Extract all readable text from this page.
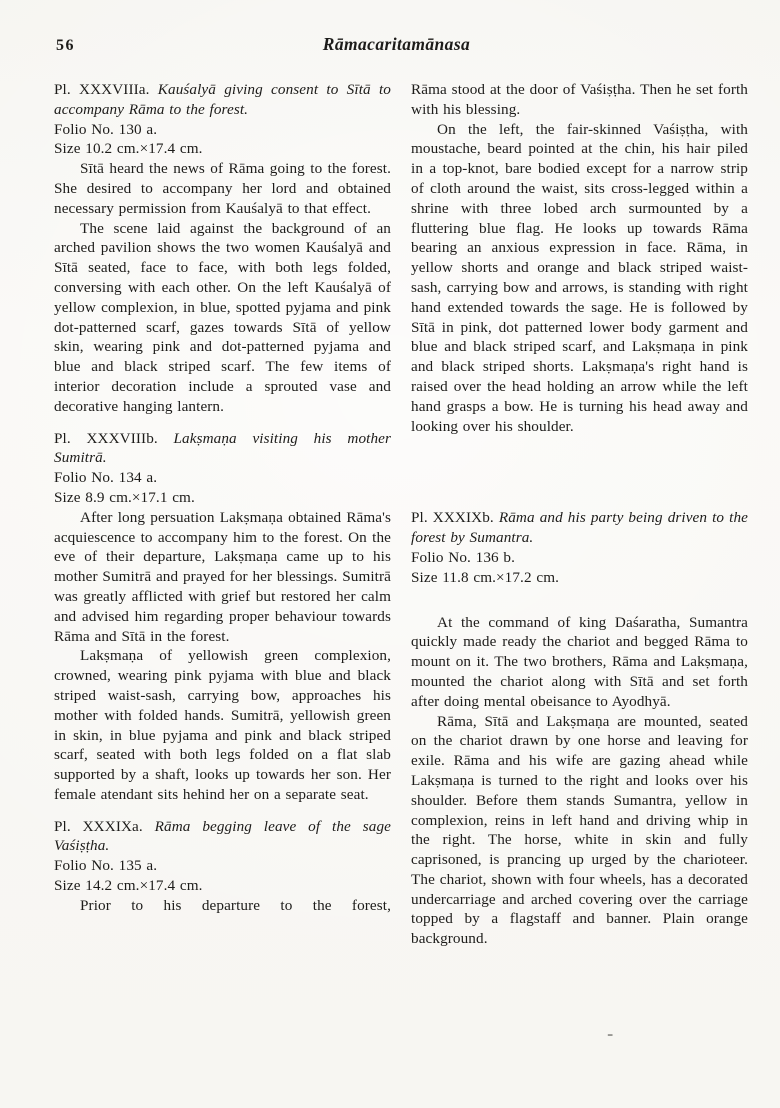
56	Rāmacaritamānasa

Pl. XXXVIIIa. Kauśalyā giving consent to Sītā to accompany Rāma to the forest.

Folio No. 130 a.

Size 10.2 cm.×17.4 cm.

Sītā heard the news of Rāma going to the forest. She desired to accompany her lord and obtained necessary permission from Kauśalyā to that effect.

The scene laid against the background of an arched pavilion shows the two women Kauśalyā and Sītā seated, face to face, with both legs folded, conversing with each other. On the left Kauśalyā of yellow complexion, in blue, spotted pyjama and pink dot-patterned scarf, gazes towards Sītā of yellow skin, wearing pink and dot-patterned pyjama and blue and black striped scarf. The few items of interior decoration include a sprouted vase and decorative hanging lantern.

Pl. XXXVIIIb. Lakṣmaṇa visiting his mother Sumitrā.

Folio No. 134 a.

Size 8.9 cm.×17.1 cm.

After long persuation Lakṣmaṇa obtained Rāma's acquiescence to accompany him to the forest. On the eve of their departure, Lakṣmaṇa came up to his mother Sumitrā and prayed for her blessings. Sumitrā was greatly afflicted with grief but restored her calm and advised him regarding proper behaviour towards Rāma and Sītā in the forest.

Lakṣmaṇa of yellowish green complexion, crowned, wearing pink pyjama with blue and black striped waist-sash, carrying bow, approaches his mother with folded hands. Sumitrā, yellowish green in skin, in blue pyjama and pink and black striped scarf, seated with both legs folded on a flat slab supported by a shaft, looks up towards her son. Her female atendant sits hehind her on a separate seat.

Pl. XXXIXa. Rāma begging leave of the sage Vaśiṣṭha.

Folio No. 135 a.

Size 14.2 cm.×17.4 cm.

Prior to his departure to the forest,

Rāma stood at the door of Vaśiṣṭha. Then he set forth with his blessing.

On the left, the fair-skinned Vaśiṣṭha, with moustache, beard pointed at the chin, his hair piled in a top-knot, bare bodied except for a narrow strip of cloth around the waist, sits cross-legged within a shrine with three lobed arch surmounted by a fluttering blue flag. He looks up towards Rāma bearing an anxious expression in face. Rāma, in yellow shorts and orange and black striped waist-sash, carrying bow and arrows, is standing with right hand extended towards the sage. He is followed by Sītā in pink, dot patterned lower body garment and blue and black striped scarf, and Lakṣmaṇa in pink and black striped shorts. Lakṣmaṇa's right hand is raised over the head holding an arrow while the left hand grasps a bow. He is turning his head away and looking over his shoulder.

Pl. XXXIXb. Rāma and his party being driven to the forest by Sumantra.

Folio No. 136 b.

Size 11.8 cm.×17.2 cm.

At the command of king Daśaratha, Sumantra quickly made ready the chariot and begged Rāma to mount on it. The two brothers, Rāma and Lakṣmaṇa, mounted the chariot along with Sītā and set forth after doing mental obeisance to Ayodhyā.

Rāma, Sītā and Lakṣmaṇa are mounted, seated on the chariot drawn by one horse and leaving for exile. Rāma and his wife are gazing ahead while Lakṣmaṇa is turned to the right and looks over his shoulder. Before them stands Sumantra, yellow in complexion, reins in left hand and driving whip in the right. The horse, white in skin and fully caprisoned, is prancing up urged by the charioteer. The chariot, shown with four wheels, has a decorated undercarriage and arched covering over the carriage topped by a flagstaff and banner. Plain orange background.

-
